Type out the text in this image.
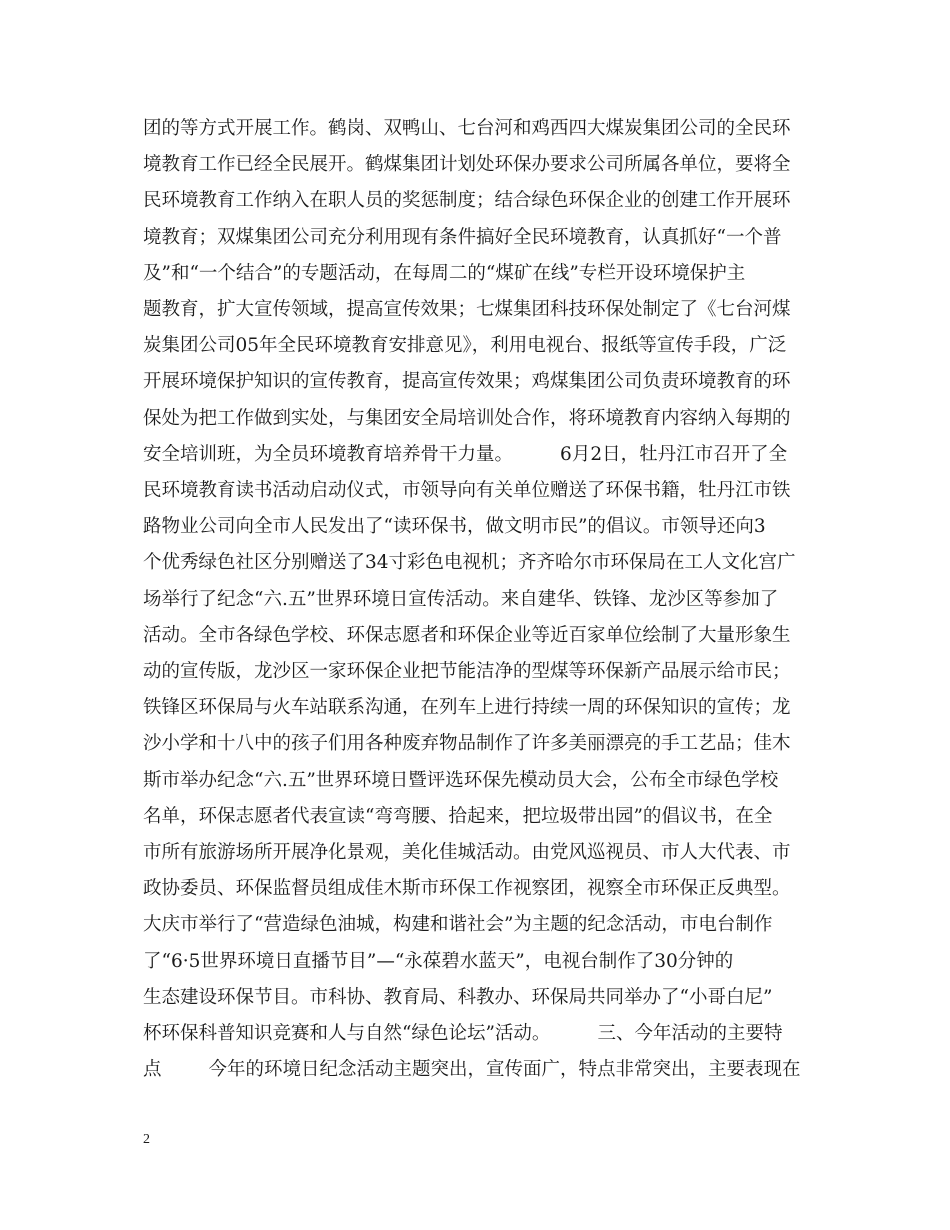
团的等方式开展工作。鹤岗、双鸭山、七台河和鸡西四大煤炭集团公司的全民环
境教育工作已经全民展开。鹤煤集团计划处环保办要求公司所属各单位，要将全
民环境教育工作纳入在职人员的奖惩制度；结合绿色环保企业的创建工作开展环
境教育；双煤集团公司充分利用现有条件搞好全民环境教育，认真抓好“一个普
及”和“一个结合”的专题活动，在每周二的“煤矿在线”专栏开设环境保护主
题教育，扩大宣传领域，提高宣传效果；七煤集团科技环保处制定了《七台河煤
炭集团公司05年全民环境教育安排意见》，利用电视台、报纸等宣传手段，广泛
开展环境保护知识的宣传教育，提高宣传效果；鸡煤集团公司负责环境教育的环
保处为把工作做到实处，与集团安全局培训处合作，将环境教育内容纳入每期的
安全培训班，为全员环境教育培养骨干力量。        6月2日，牡丹江市召开了全
民环境教育读书活动启动仪式，市领导向有关单位赠送了环保书籍，牡丹江市铁
路物业公司向全市人民发出了“读环保书，做文明市民”的倡议。市领导还向3
个优秀绿色社区分别赠送了34寸彩色电视机；齐齐哈尔市环保局在工人文化宫广
场举行了纪念“六.五”世界环境日宣传活动。来自建华、铁锋、龙沙区等参加了
活动。全市各绿色学校、环保志愿者和环保企业等近百家单位绘制了大量形象生
动的宣传版，龙沙区一家环保企业把节能洁净的型煤等环保新产品展示给市民；
铁锋区环保局与火车站联系沟通，在列车上进行持续一周的环保知识的宣传；龙
沙小学和十八中的孩子们用各种废弃物品制作了许多美丽漂亮的手工艺品；佳木
斯市举办纪念“六.五”世界环境日暨评选环保先模动员大会，公布全市绿色学校
名单，环保志愿者代表宣读“弯弯腰、拾起来，把垃圾带出园”的倡议书，在全
市所有旅游场所开展净化景观，美化佳城活动。由党风巡视员、市人大代表、市
政协委员、环保监督员组成佳木斯市环保工作视察团，视察全市环保正反典型。
大庆市举行了“营造绿色油城，构建和谐社会”为主题的纪念活动，市电台制作
了“6·5世界环境日直播节目”—“永葆碧水蓝天”，电视台制作了30分钟的
生态建设环保节目。市科协、教育局、科教办、环保局共同举办了“小哥白尼”
杯环保科普知识竞赛和人与自然“绿色论坛”活动。        三、今年活动的主要特
点        今年的环境日纪念活动主题突出，宣传面广，特点非常突出，主要表现在
2
